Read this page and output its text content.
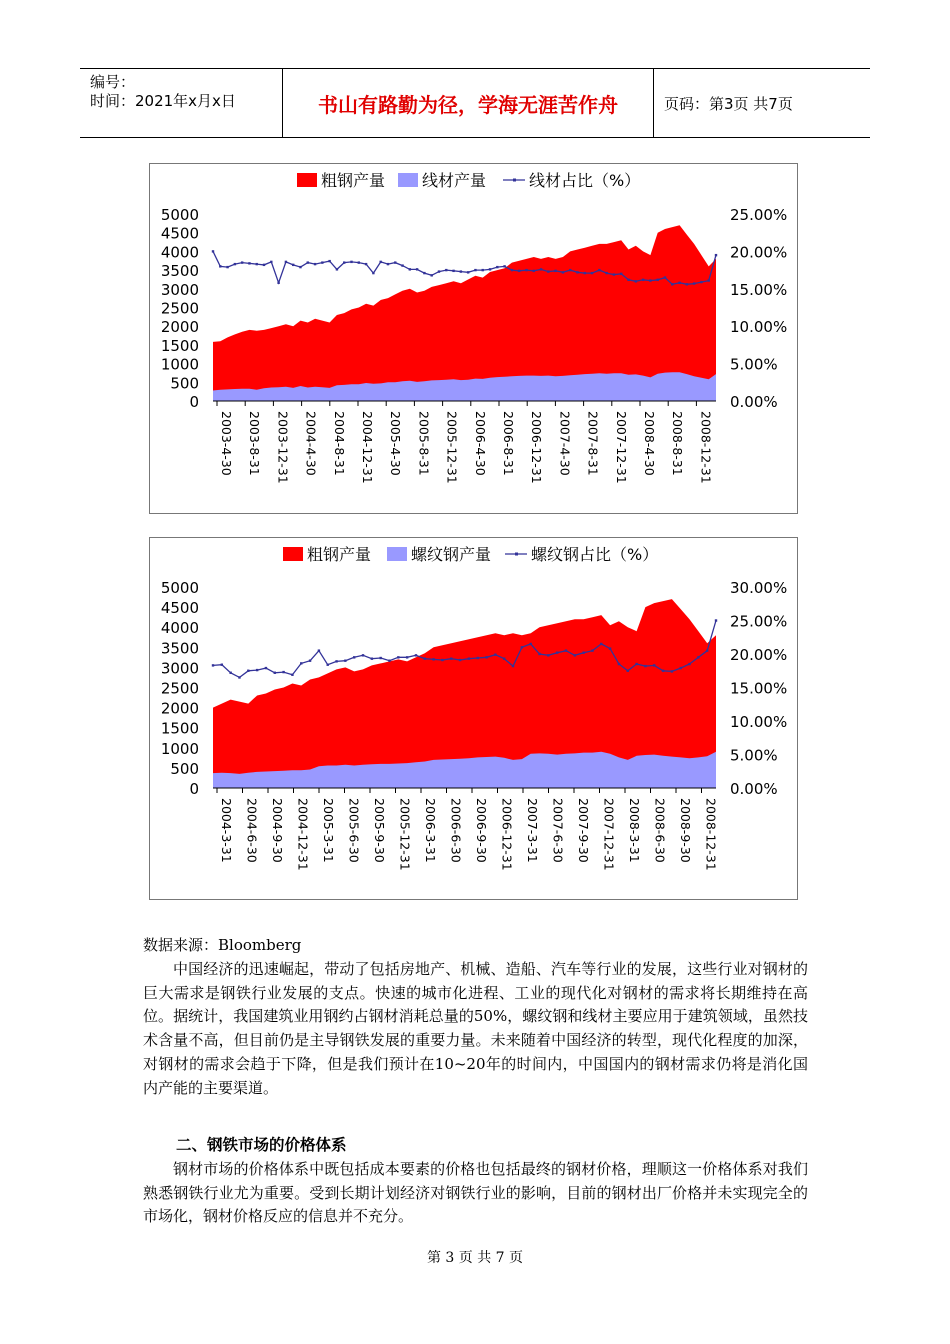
编号：
时间：2021年x月x日	书山有路勤为径，学海无涯苦作舟	页码：第3页 共7页
2003-4-30 2003-8-31 2003-12-31 2004-4-30 2004-8-31 2004-12-31 2005-4-30 2005-8-31 2005-12-31 2006-4-30 2006-8-31 2006-12-31 2007-4-30 2007-8-31 2007-12-31 2008-4-30 2008-8-31 2008-12-31
0
500
1000
1500
2000
2500
3000
3500
4000
4500
5000
0.00%
5.00%
10.00%
15.00%
20.00%
25.00%
粗钢产量 线材产量	线材占比（%）
2004-3-31 2004-6-30 2004-9-30 2004-12-31 2005-3-31 2005-6-30 2005-9-30 2005-12-31 2006-3-31 2006-6-30 2006-9-30 2006-12-31 2007-3-31 2007-6-30 2007-9-30 2007-12-31 2008-3-31 2008-6-30 2008-9-30 2008-12-31
0
500
1000
1500
2000
2500
3000
3500
4000
4500
5000
0.00%
5.00%
10.00%
15.00%
20.00%
25.00%
30.00%
粗钢产量 螺纹钢产量 螺纹钢占比（%）
数据来源：Bloomberg

中国经济的迅速崛起，带动了包括房地产、机械、造船、汽车等行业的发展，这些行业对钢材的巨大需求是钢铁行业发展的支点。快速的城市化进程、工业的现代化对钢材的需求将长期维持在高位。据统计，我国建筑业用钢约占钢材消耗总量的50%，螺纹钢和线材主要应用于建筑领域，虽然技术含量不高，但目前仍是主导钢铁发展的重要力量。未来随着中国经济的转型，现代化程度的加深，对钢材的需求会趋于下降，但是我们预计在10~20年的时间内，中国国内的钢材需求仍将是消化国内产能的主要渠道。

二、钢铁市场的价格体系

钢材市场的价格体系中既包括成本要素的价格也包括最终的钢材价格，理顺这一价格体系对我们熟悉钢铁行业尤为重要。受到长期计划经济对钢铁行业的影响，目前的钢材出厂价格并未实现完全的市场化，钢材价格反应的信息并不充分。

第 3 页 共 7 页
